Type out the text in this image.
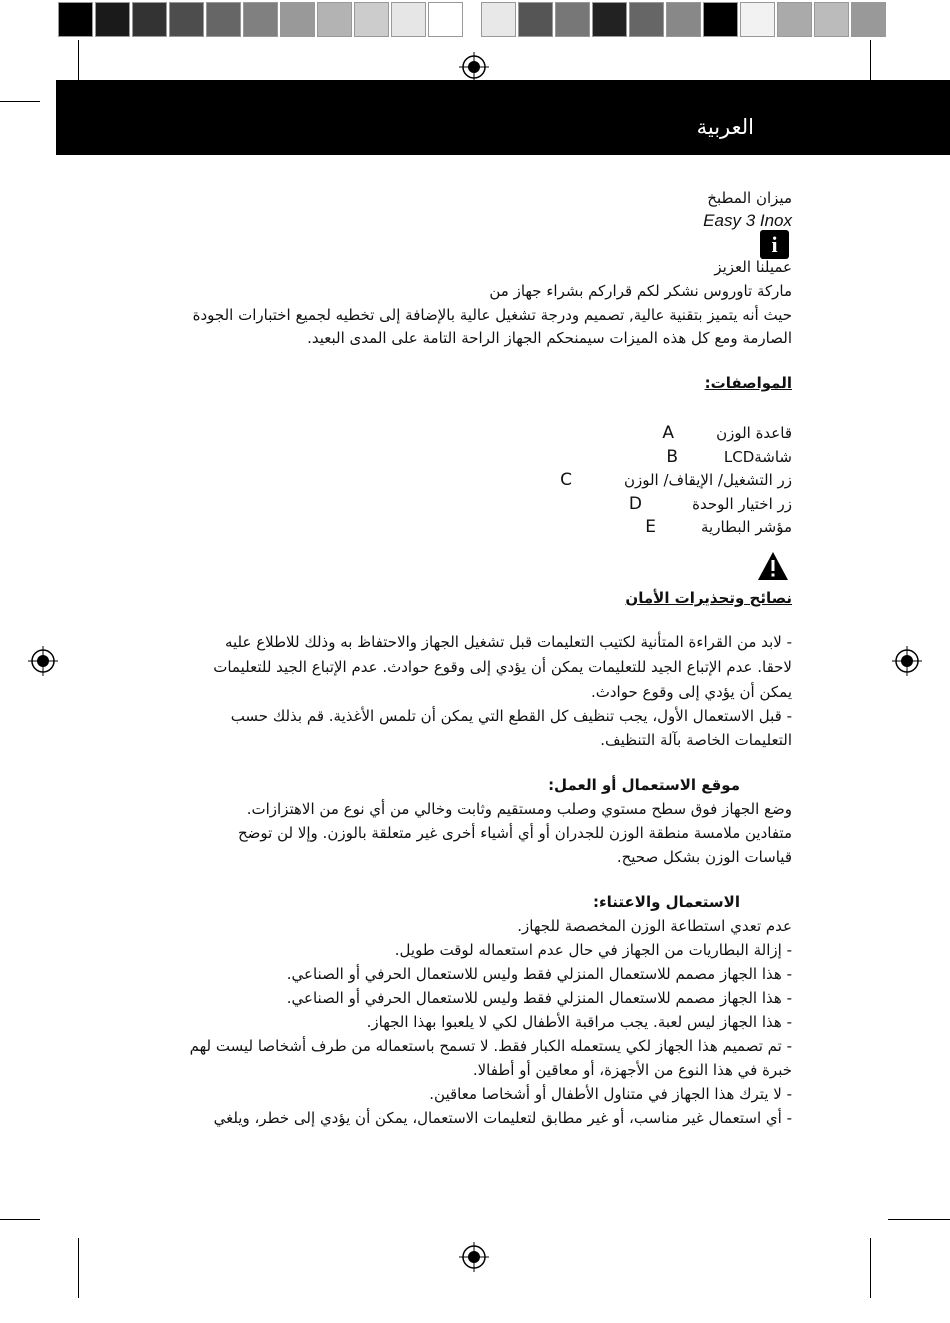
العربية
ميزان المطبخ
Easy 3 Inox
i
عميلنا العزيز
ماركة تاوروس نشكر لكم قراركم بشراء جهاز من
حيث أنه يتميز بتقنية عالية, تصميم ودرجة تشغيل عالية بالإضافة إلى تخطيه لجميع اختبارات الجودة
الصارمة ومع كل هذه الميزات سيمنحكم الجهاز الراحة التامة على المدى البعيد.
المواصفات:
قاعدة الوزن
A
شاشةLCD
B
زر التشغيل/ الإيقاف/ الوزن
C
زر اختيار الوحدة
D
مؤشر البطارية
E
نصائح وتحذيرات الأمان
- لابد من القراءة المتأنية لكتيب التعليمات قبل تشغيل الجهاز والاحتفاظ به وذلك للاطلاع عليه
لاحقا. عدم الإتباع الجيد للتعليمات يمكن أن يؤدي إلى وقوع حوادث. عدم الإتباع الجيد للتعليمات
يمكن أن يؤدي إلى وقوع حوادث.
- قبل الاستعمال الأول، يجب تنظيف كل القطع التي يمكن أن تلمس الأغذية. قم بذلك حسب
التعليمات الخاصة بآلة التنظيف.
موقع الاستعمال أو العمل:
وضع الجهاز فوق سطح مستوي وصلب ومستقيم وثابت وخالي من أي نوع من الاهتزازات.
متفادين ملامسة منطقة الوزن للجدران أو أي أشياء أخرى غير متعلقة بالوزن. وإلا لن توضح
قياسات الوزن بشكل صحيح.
الاستعمال والاعتناء:
عدم تعدي استطاعة الوزن المخصصة للجهاز.
- إزالة البطاريات من الجهاز في حال عدم استعماله لوقت طويل.
- هذا الجهاز مصمم للاستعمال المنزلي فقط وليس للاستعمال الحرفي أو الصناعي.
- هذا الجهاز مصمم للاستعمال المنزلي فقط وليس للاستعمال الحرفي أو الصناعي.
- هذا الجهاز ليس لعبة. يجب مراقبة الأطفال لكي لا يلعبوا بهذا الجهاز.
- تم تصميم هذا الجهاز لكي يستعمله الكبار فقط. لا تسمح باستعماله من طرف أشخاصا ليست لهم
خبرة في هذا النوع من الأجهزة، أو معاقين أو أطفالا.
- لا يترك هذا الجهاز في متناول الأطفال أو أشخاصا معاقين.
- أي استعمال غير مناسب، أو غير مطابق لتعليمات الاستعمال، يمكن أن يؤدي إلى خطر، ويلغي
